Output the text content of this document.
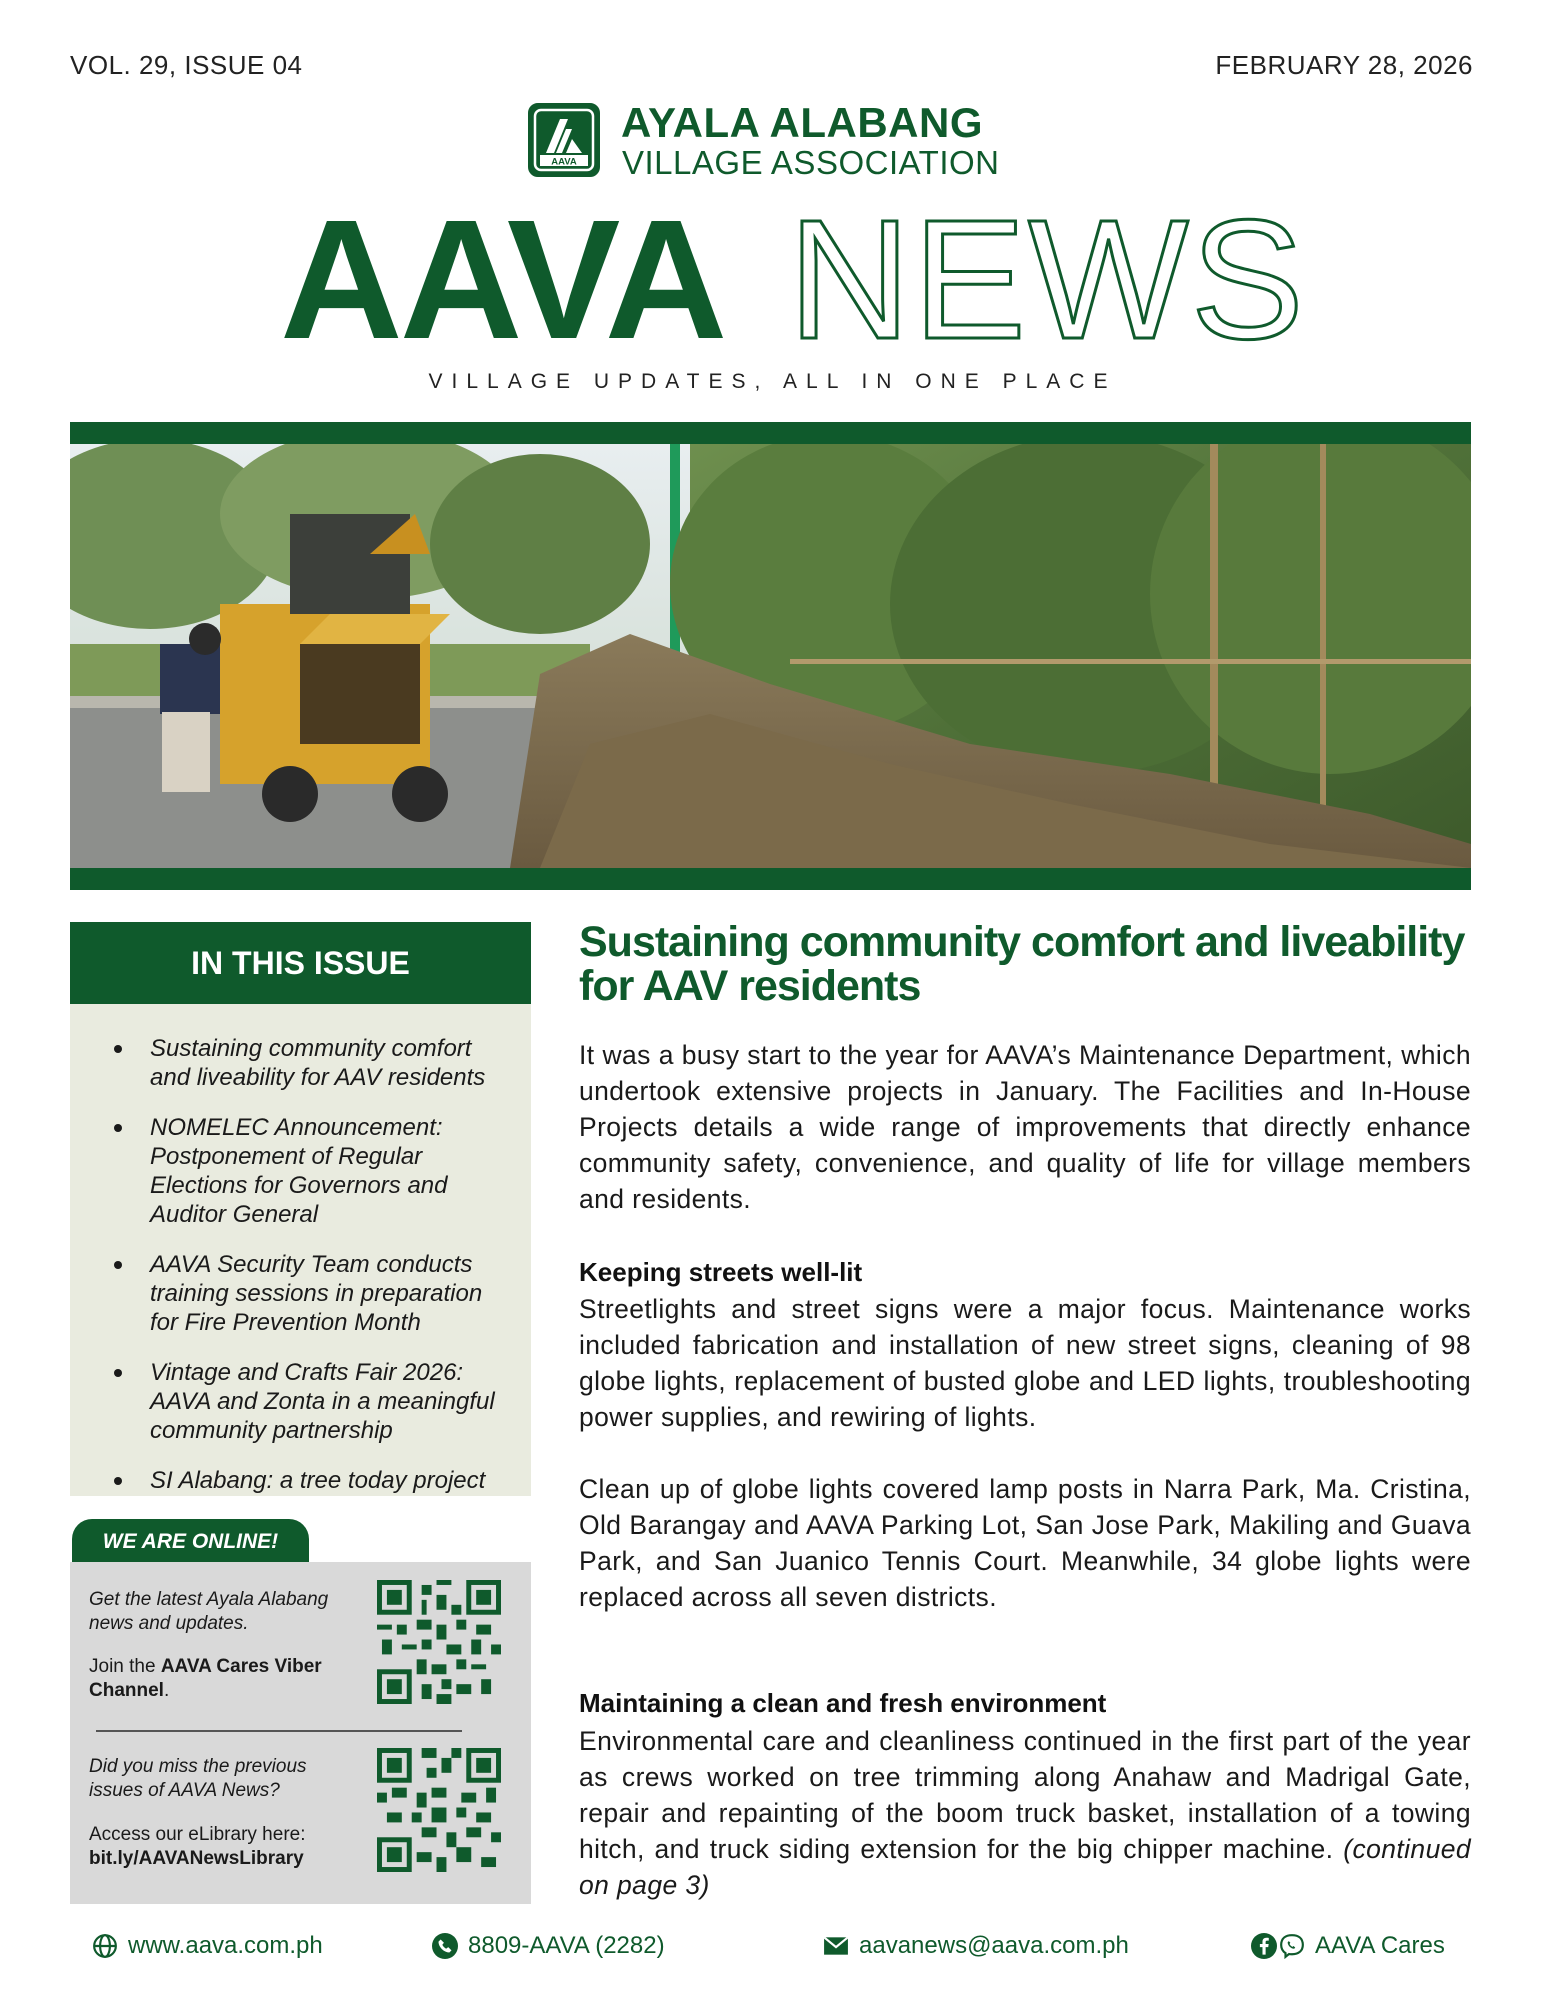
VOL. 29, ISSUE 04	FEBRUARY 28, 2026
AAVA
AYALA ALABANG
VILLAGE ASSOCIATION
AAVA NEWS
VILLAGE UPDATES, ALL IN ONE PLACE
IN THIS ISSUE
Sustaining community comfort and liveability for AAV residents
NOMELEC Announcement: Postponement of Regular Elections for Governors and Auditor General
AAVA Security Team conducts training sessions in preparation for Fire Prevention Month
Vintage and Crafts Fair 2026: AAVA and Zonta in a meaningful community partnership
SI Alabang: a tree today project
WE ARE ONLINE!
Get the latest Ayala Alabang news and updates.
Join the AAVA Cares Viber Channel.
Did you miss the previous issues of AAVA News?
Access our eLibrary here:
bit.ly/AAVANewsLibrary
Sustaining community comfort and liveability for AAV residents
It was a busy start to the year for AAVA’s Maintenance Department, which undertook extensive projects in January. The Facilities and In-House Projects details a wide range of improvements that directly enhance community safety, convenience, and quality of life for village members and residents.
Keeping streets well-lit
Streetlights and street signs were a major focus. Maintenance works included fabrication and installation of new street signs, cleaning of 98 globe lights, replacement of busted globe and LED lights, troubleshooting power supplies, and rewiring of lights.
Clean up of globe lights covered lamp posts in Narra Park, Ma. Cristina, Old Barangay and AAVA Parking Lot, San Jose Park, Makiling and Guava Park, and San Juanico Tennis Court. Meanwhile, 34 globe lights were replaced across all seven districts.
Maintaining a clean and fresh environment
Environmental care and cleanliness continued in the first part of the year as crews worked on tree trimming along Anahaw and Madrigal Gate, repair and repainting of the boom truck basket, installation of a towing hitch, and truck siding extension for the big chipper machine. (continued on page 3)
www.aava.com.ph	8809-AAVA (2282)	aavanews@aava.com.ph	AAVA Cares
